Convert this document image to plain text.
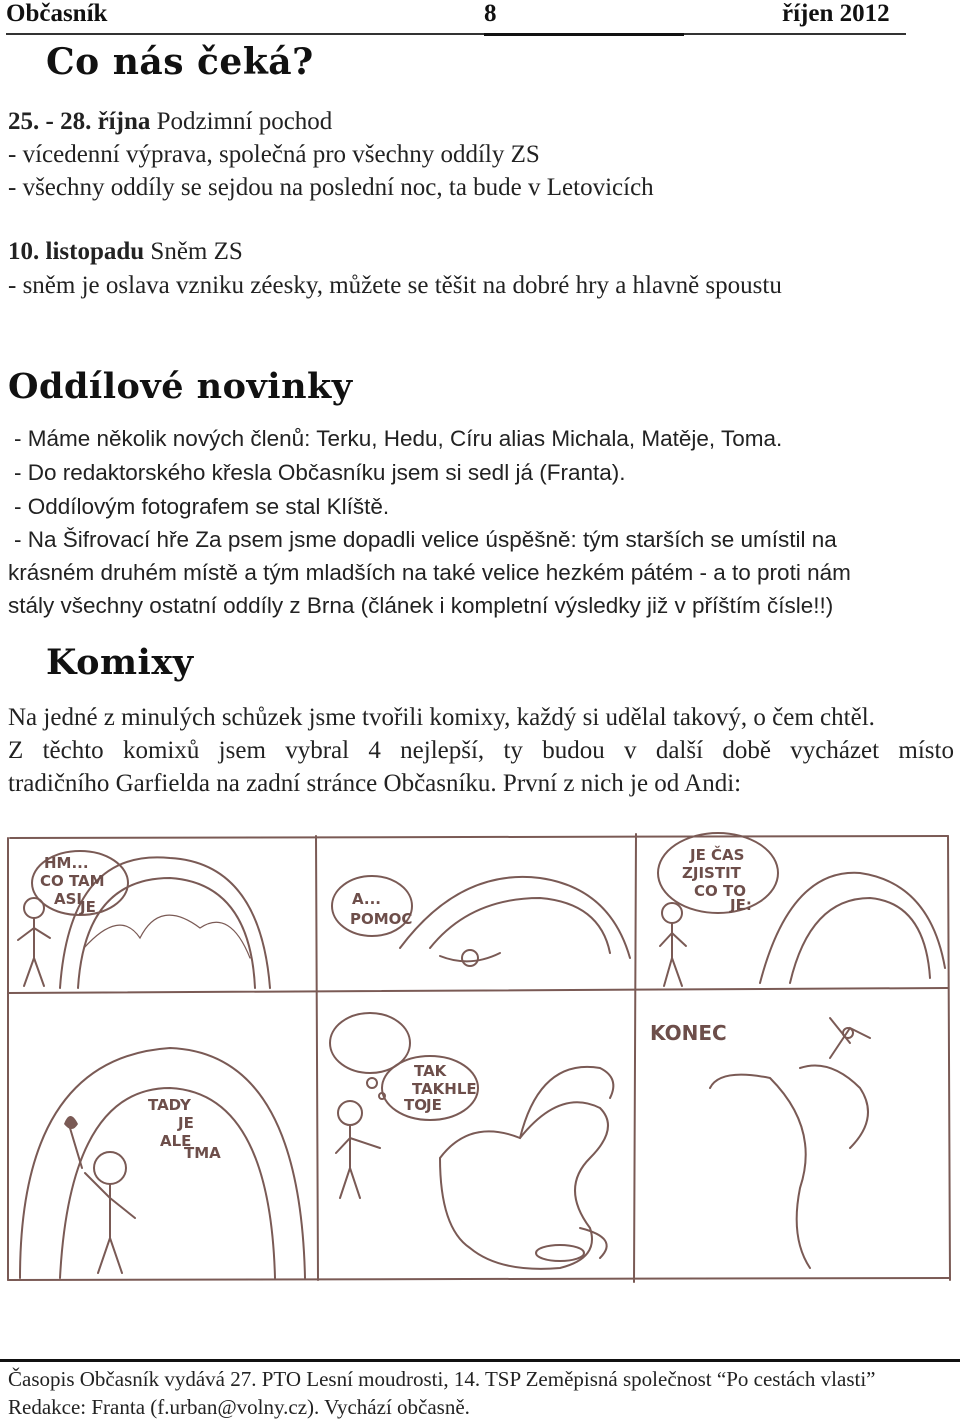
Občasník	8	říjen 2012
Co nás čeká?
25. - 28. října Podzimní pochod
- vícedenní výprava, společná pro všechny oddíly ZS
- všechny oddíly se sejdou na poslední noc, ta bude v Letovicích
10. listopadu Sněm ZS
- sněm je oslava vzniku zéesky, můžete se těšit na dobré hry a hlavně spoustu
Oddílové novinky
- Máme několik nových členů: Terku, Hedu, Círu alias Michala, Matěje, Toma.
- Do redaktorského křesla Občasníku jsem si sedl já (Franta).
- Oddílovým fotografem se stal Klíště.
- Na Šifrovací hře Za psem jsme dopadli velice úspěšně: tým starších se umístil na
krásném druhém místě a tým mladších na také velice hezkém pátém - a to proti nám
stály všechny ostatní oddíly z Brna (článek i kompletní výsledky již v příštím čísle!!)
Komixy
Na jedné z minulých schůzek jsme tvořili komixy, každý si udělal takový, o čem chtěl.
Z těchto komixů jsem vybral 4 nejlepší, ty budou v další době vycházet místo
tradičního Garfielda na zadní stránce Občasníku. První z nich je od Andi:
HM...
CO TAM
ASI
JE	A...
POMOC
JE ČAS
ZJISTIT
CO TO
JE:
TADY
JE
ALE
TMA
TAK
TAKHLE
TO JE
KONEC
Časopis Občasník vydává 27. PTO Lesní moudrosti, 14. TSP Zeměpisná společnost “Po cestách vlasti”
Redakce: Franta (f.urban@volny.cz). Vychází občasně.
